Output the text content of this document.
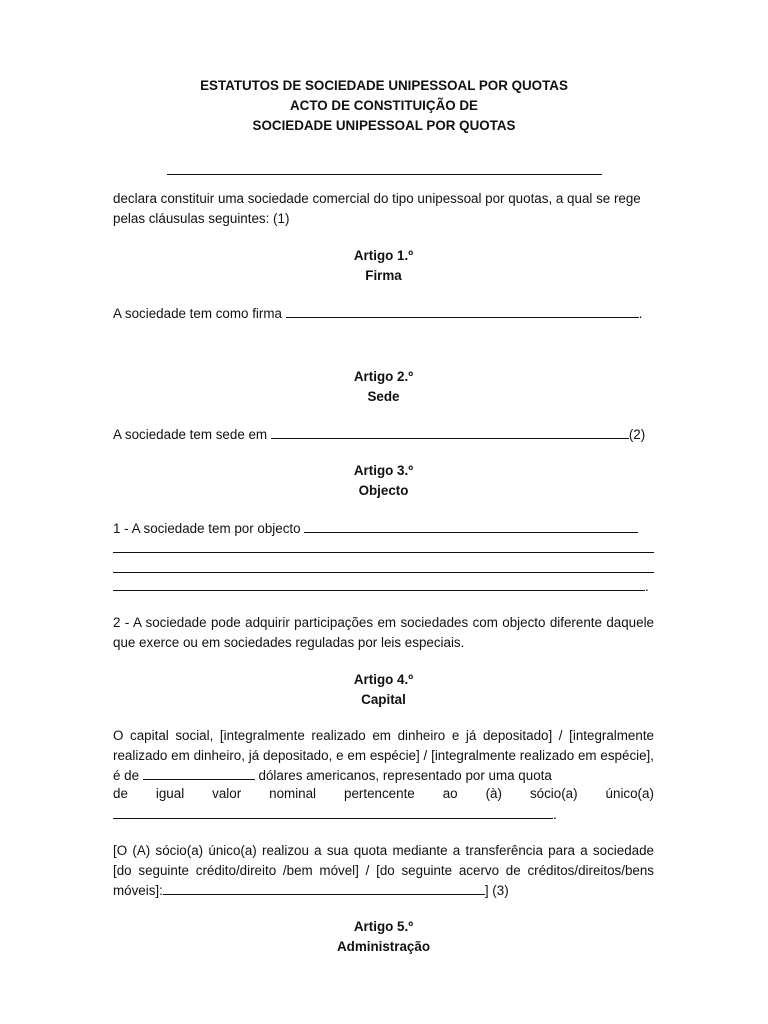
ESTATUTOS DE SOCIEDADE UNIPESSOAL POR QUOTAS
ACTO DE CONSTITUIÇÃO DE
SOCIEDADE UNIPESSOAL POR QUOTAS
declara constituir uma sociedade comercial do tipo unipessoal por quotas, a qual se rege pelas cláusulas seguintes: (1)
Artigo 1.º
Firma
A sociedade tem como firma	.
Artigo 2.º
Sede
A sociedade tem sede em	(2)
Artigo 3.º
Objecto
1 - A sociedade tem por objecto
.
2 - A sociedade pode adquirir participações em sociedades com objecto diferente daquele que exerce ou em sociedades reguladas por leis especiais.
Artigo 4.º
Capital
O capital social, [integralmente realizado em dinheiro e já depositado] / [integralmente realizado em dinheiro, já depositado, e em espécie] / [integralmente realizado em espécie], é de	dólares americanos, representado por uma quota
de igual valor nominal pertencente ao (à) sócio(a) único(a)
.
[O (A) sócio(a) único(a) realizou a sua quota mediante a transferência para a sociedade [do seguinte crédito/direito /bem móvel] / [do seguinte acervo de créditos/direitos/bens móveis]:	] (3)
Artigo 5.º
Administração
